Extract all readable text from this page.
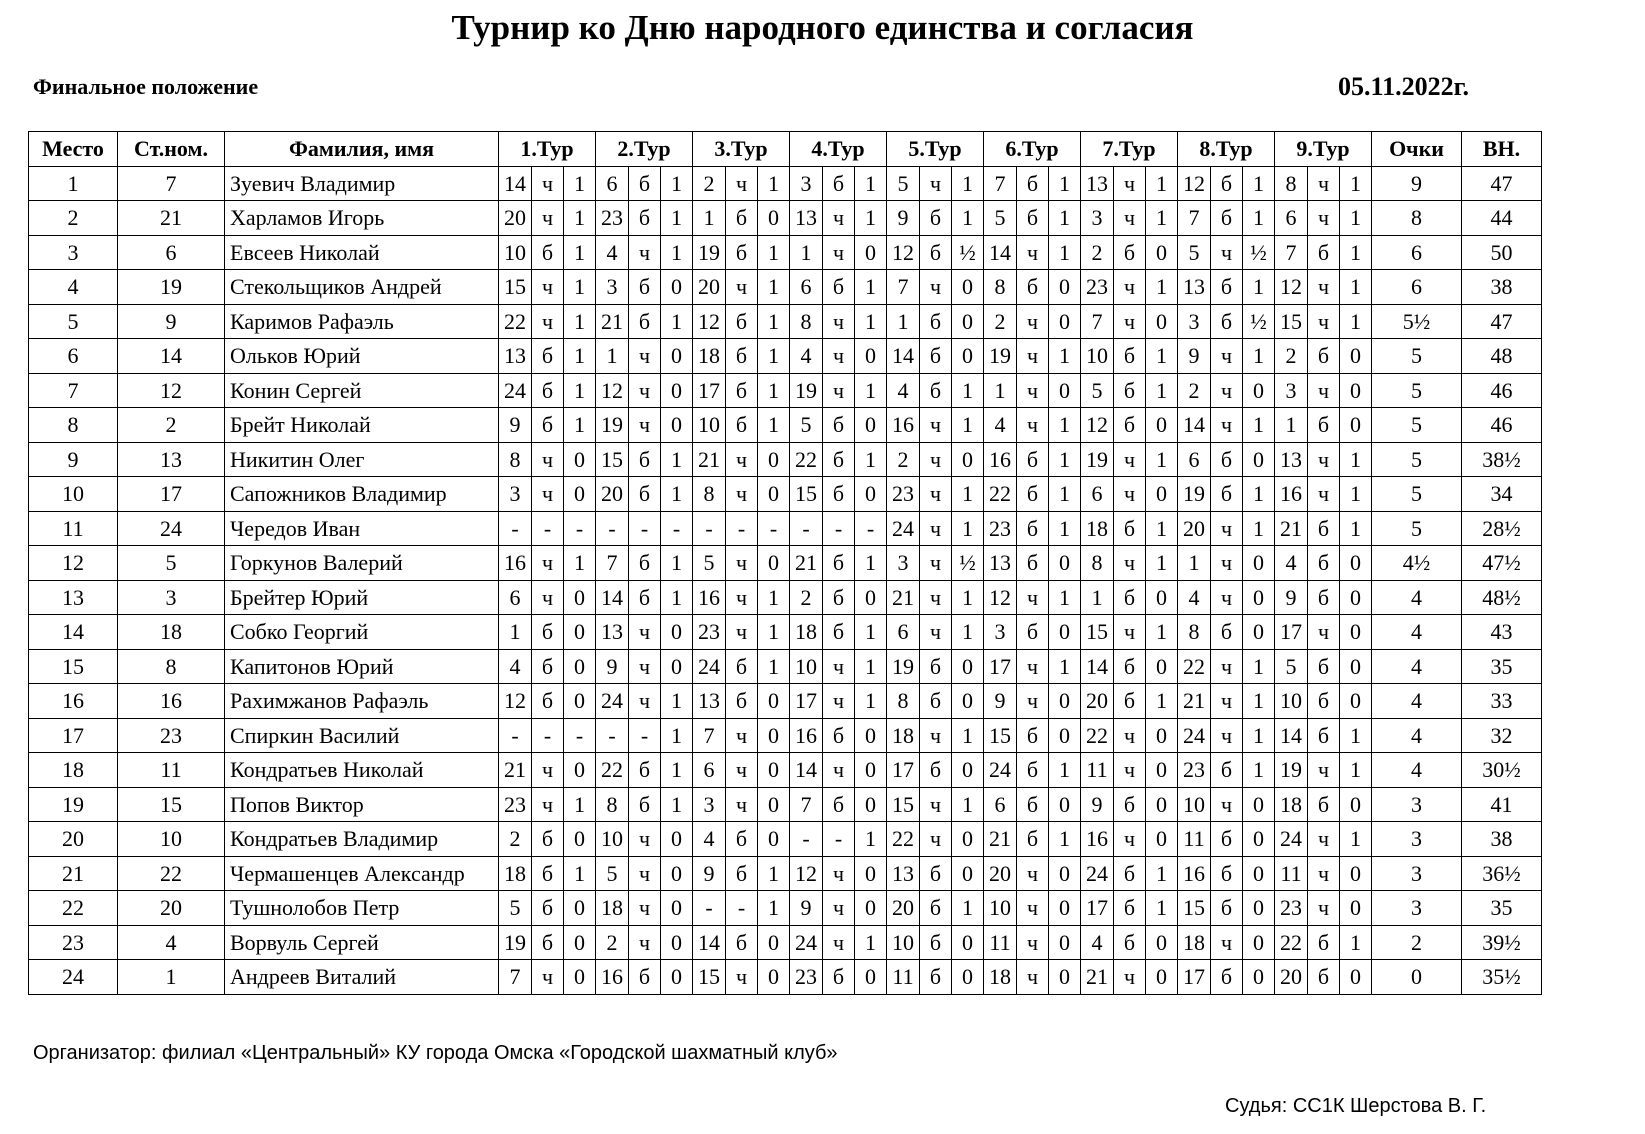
Турнир ко Дню народного единства и согласия
Финальное положение	05.11.2022г.
Место	Ст.ном.	Фамилия, имя	1.Тур			2.Тур			3.Тур			4.Тур			5.Тур			6.Тур			7.Тур			8.Тур			9.Тур			Очки	ВН.
1	7	Зуевич Владимир	14	ч	1	6	б	1	2	ч	1	3	б	1	5	ч	1	7	б	1	13	ч	1	12	б	1	8	ч	1	9	47
2	21	Харламов Игорь	20	ч	1	23	б	1	1	б	0	13	ч	1	9	б	1	5	б	1	3	ч	1	7	б	1	6	ч	1	8	44
3	6	Евсеев Николай	10	б	1	4	ч	1	19	б	1	1	ч	0	12	б	½	14	ч	1	2	б	0	5	ч	½	7	б	1	6	50
4	19	Стекольщиков Андрей	15	ч	1	3	б	0	20	ч	1	6	б	1	7	ч	0	8	б	0	23	ч	1	13	б	1	12	ч	1	6	38
5	9	Каримов Рафаэль	22	ч	1	21	б	1	12	б	1	8	ч	1	1	б	0	2	ч	0	7	ч	0	3	б	½	15	ч	1	5½	47
6	14	Ольков Юрий	13	б	1	1	ч	0	18	б	1	4	ч	0	14	б	0	19	ч	1	10	б	1	9	ч	1	2	б	0	5	48
7	12	Конин Сергей	24	б	1	12	ч	0	17	б	1	19	ч	1	4	б	1	1	ч	0	5	б	1	2	ч	0	3	ч	0	5	46
8	2	Брейт Николай	9	б	1	19	ч	0	10	б	1	5	б	0	16	ч	1	4	ч	1	12	б	0	14	ч	1	1	б	0	5	46
9	13	Никитин Олег	8	ч	0	15	б	1	21	ч	0	22	б	1	2	ч	0	16	б	1	19	ч	1	6	б	0	13	ч	1	5	38½
10	17	Сапожников Владимир	3	ч	0	20	б	1	8	ч	0	15	б	0	23	ч	1	22	б	1	6	ч	0	19	б	1	16	ч	1	5	34
11	24	Чередов Иван	-	-	-	-	-	-	-	-	-	-	-	-	24	ч	1	23	б	1	18	б	1	20	ч	1	21	б	1	5	28½
12	5	Горкунов Валерий	16	ч	1	7	б	1	5	ч	0	21	б	1	3	ч	½	13	б	0	8	ч	1	1	ч	0	4	б	0	4½	47½
13	3	Брейтер Юрий	6	ч	0	14	б	1	16	ч	1	2	б	0	21	ч	1	12	ч	1	1	б	0	4	ч	0	9	б	0	4	48½
14	18	Собко Георгий	1	б	0	13	ч	0	23	ч	1	18	б	1	6	ч	1	3	б	0	15	ч	1	8	б	0	17	ч	0	4	43
15	8	Капитонов Юрий	4	б	0	9	ч	0	24	б	1	10	ч	1	19	б	0	17	ч	1	14	б	0	22	ч	1	5	б	0	4	35
16	16	Рахимжанов Рафаэль	12	б	0	24	ч	1	13	б	0	17	ч	1	8	б	0	9	ч	0	20	б	1	21	ч	1	10	б	0	4	33
17	23	Спиркин Василий	-	-	-	-	-	1	7	ч	0	16	б	0	18	ч	1	15	б	0	22	ч	0	24	ч	1	14	б	1	4	32
18	11	Кондратьев Николай	21	ч	0	22	б	1	6	ч	0	14	ч	0	17	б	0	24	б	1	11	ч	0	23	б	1	19	ч	1	4	30½
19	15	Попов Виктор	23	ч	1	8	б	1	3	ч	0	7	б	0	15	ч	1	6	б	0	9	б	0	10	ч	0	18	б	0	3	41
20	10	Кондратьев Владимир	2	б	0	10	ч	0	4	б	0	-	-	1	22	ч	0	21	б	1	16	ч	0	11	б	0	24	ч	1	3	38
21	22	Чермашенцев Александр	18	б	1	5	ч	0	9	б	1	12	ч	0	13	б	0	20	ч	0	24	б	1	16	б	0	11	ч	0	3	36½
22	20	Тушнолобов Петр	5	б	0	18	ч	0	-	-	1	9	ч	0	20	б	1	10	ч	0	17	б	1	15	б	0	23	ч	0	3	35
23	4	Ворвуль Сергей	19	б	0	2	ч	0	14	б	0	24	ч	1	10	б	0	11	ч	0	4	б	0	18	ч	0	22	б	1	2	39½
24	1	Андреев Виталий	7	ч	0	16	б	0	15	ч	0	23	б	0	11	б	0	18	ч	0	21	ч	0	17	б	0	20	б	0	0	35½
Организатор: филиал «Центральный» КУ города Омска «Городской шахматный клуб»
Судья: СС1К Шерстова В. Г.
